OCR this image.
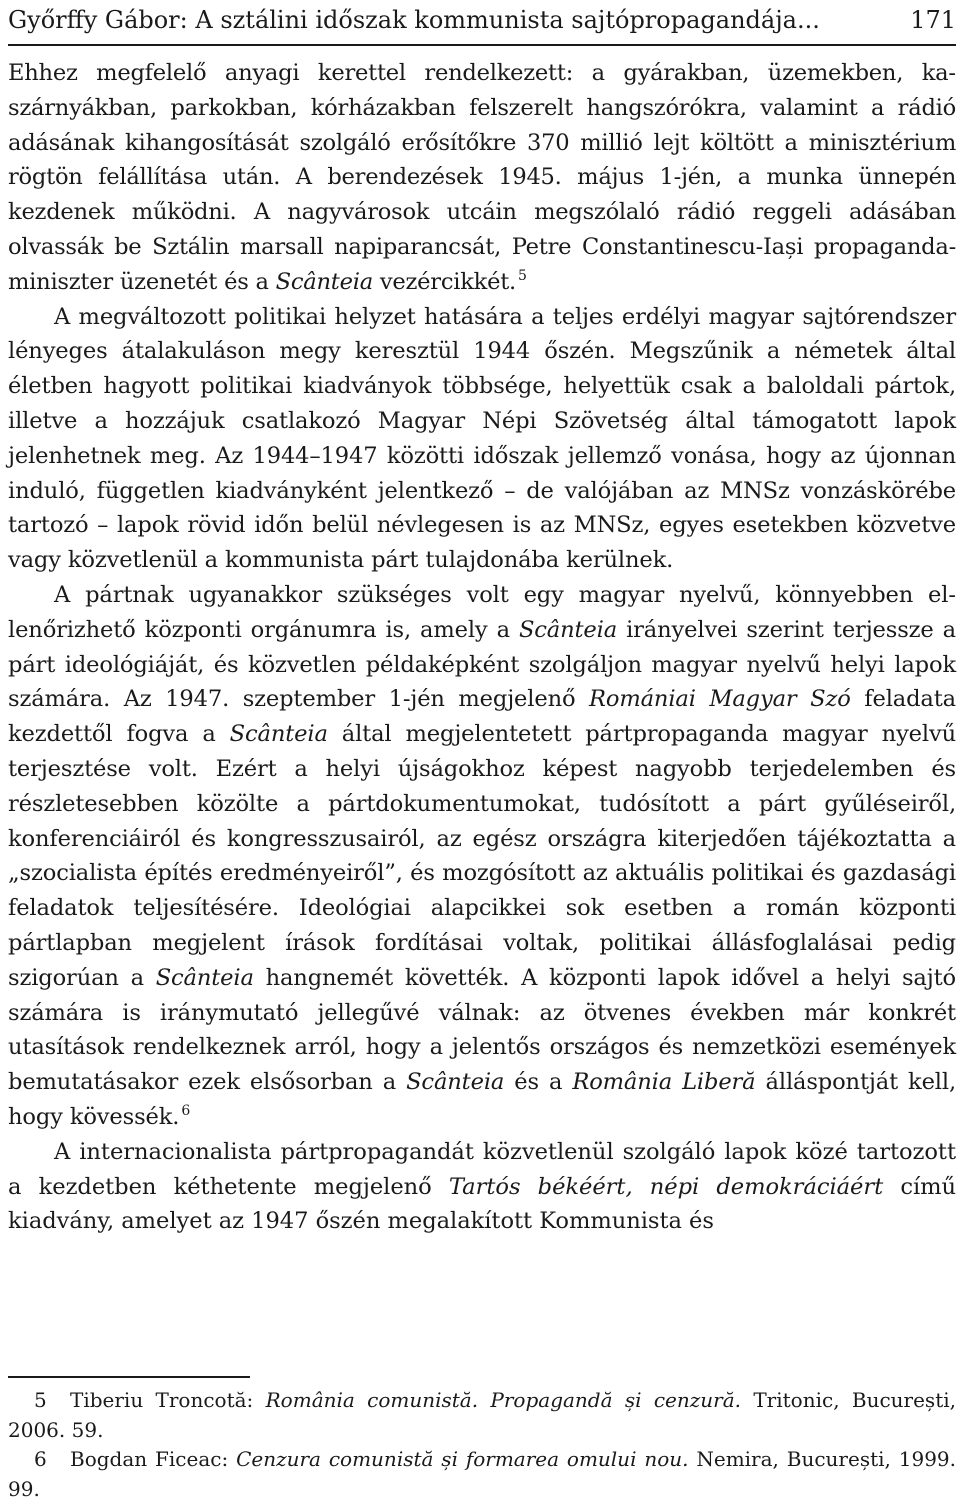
Győrffy Gábor: A sztálini időszak kommunista sajtópropagandája...	171

Ehhez megfelelő anyagi kerettel rendelkezett: a gyárakban, üzemekben, kaszárnyákban, parkokban, kórházakban felszerelt hangszórókra, valamint a rádió adásának kihangosítását szolgáló erősítőkre 370 millió lejt költött a minisztérium rögtön felállítása után. A berendezések 1945. május 1-jén, a munka ünnepén kezdenek működni. A nagyvárosok utcáin megszólaló rádió reggeli adásában olvassák be Sztálin marsall napiparancsát, Petre Constantinescu-Iași propaganda-miniszter üzenetét és a Scânteia vezércikkét. $^5$

A megváltozott politikai helyzet hatására a teljes erdélyi magyar sajtórendszer lényeges átalakuláson megy keresztül 1944 őszén. Megszűnik a németek által életben hagyott politikai kiadványok többsége, helyettük csak a baloldali pártok, illetve a hozzájuk csatlakozó Magyar Népi Szövetség által támogatott lapok jelenhetnek meg. Az 1944–1947 közötti időszak jellemző vonása, hogy az újonnan induló, független kiadványként jelentkező – de valójában az MNSz vonzáskörébe tartozó – lapok rövid időn belül névlegesen is az MNSz, egyes esetekben közvetve vagy közvetlenül a kommunista párt tulajdonába kerülnek.

A pártnak ugyanakkor szükséges volt egy magyar nyelvű, könnyebben ellenőrizhető központi orgánumra is, amely a Scânteia irányelvei szerint terjessze a párt ideológiáját, és közvetlen példaképként szolgáljon magyar nyelvű helyi lapok számára. Az 1947. szeptember 1-jén megjelenő Romániai Magyar Szó feladata kezdettől fogva a Scânteia által megjelentetett pártpropaganda magyar nyelvű terjesztése volt. Ezért a helyi újságokhoz képest nagyobb terjedelemben és részletesebben közölte a pártdokumentumokat, tudósított a párt gyűléseiről, konferenciáiról és kongresszusairól, az egész országra kiterjedően tájékoztatta a „szocialista építés eredményeiről”, és mozgósított az aktuális politikai és gazdasági feladatok teljesítésére. Ideológiai alapcikkei sok esetben a román központi pártlapban megjelent írások fordításai voltak, politikai állásfoglalásai pedig szigorúan a Scânteia hangnemét követték. A központi lapok idővel a helyi sajtó számára is iránymutató jellegűvé válnak: az ötvenes években már konkrét utasítások rendelkeznek arról, hogy a jelentős országos és nemzetközi események bemutatásakor ezek elsősorban a Scânteia és a România Liberă álláspontját kell, hogy kövessék. $^6$

A internacionalista pártpropagandát közvetlenül szolgáló lapok közé tartozott a kezdetben kéthetente megjelenő Tartós békéért, népi demokráciáért című kiadvány, amelyet az 1947 őszén megalakított Kommunista és

5 Tiberiu Troncotă: România comunistă. Propagandă și cenzură. Tritonic, București, 2006. 59.

6 Bogdan Ficeac: Cenzura comunistă și formarea omului nou. Nemira, București, 1999. 99.
